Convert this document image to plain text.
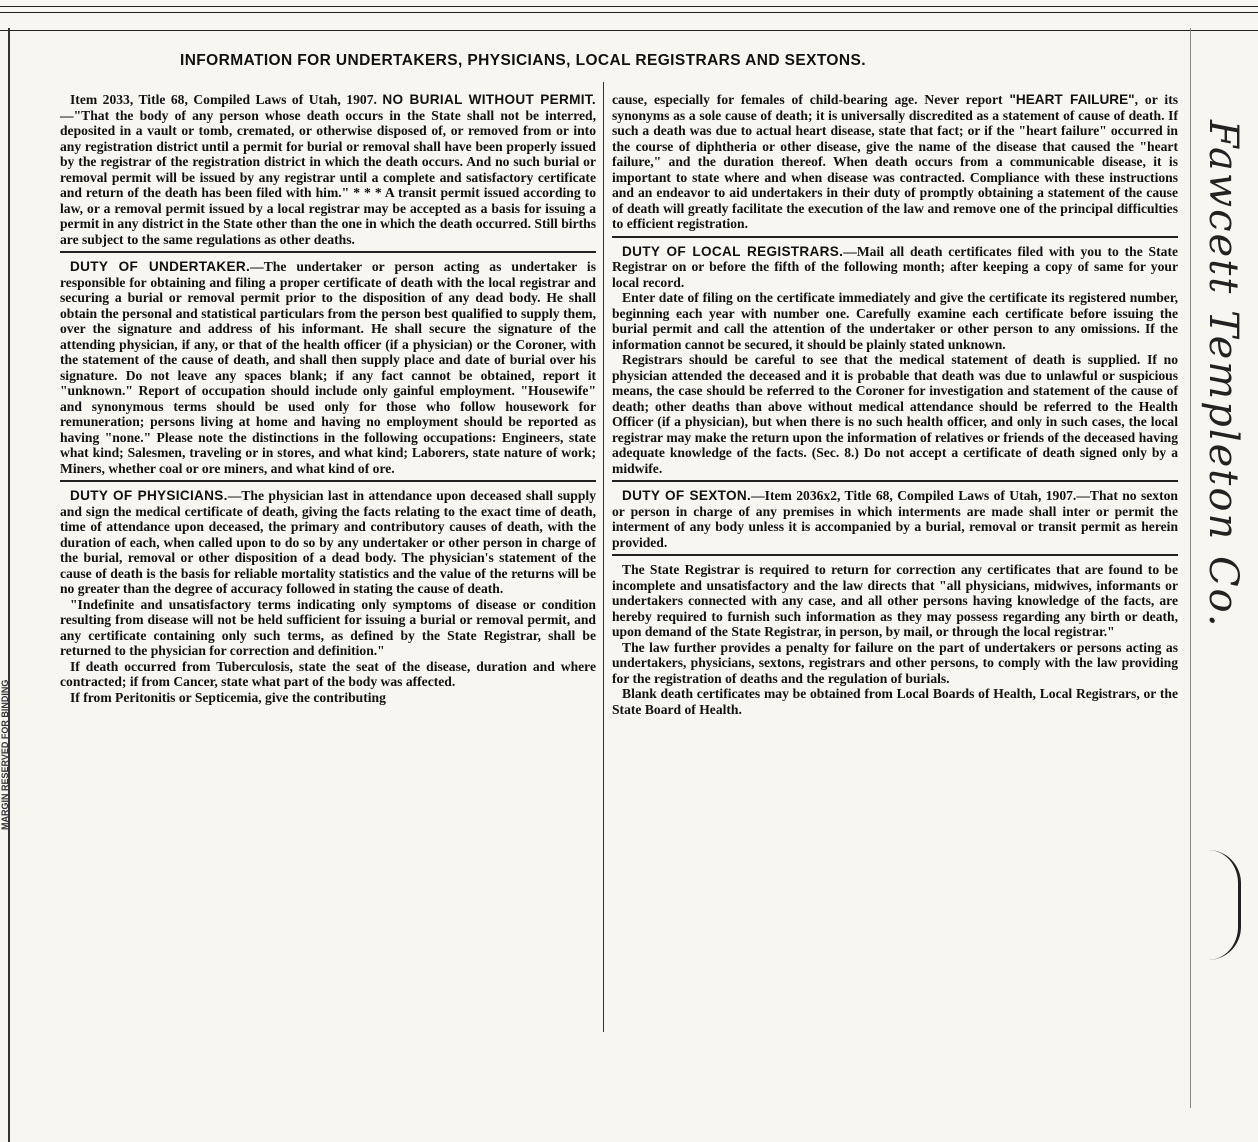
MARGIN RESERVED FOR BINDING
INFORMATION FOR UNDERTAKERS, PHYSICIANS, LOCAL REGISTRARS AND SEXTONS.

Item 2033, Title 68, Compiled Laws of Utah, 1907. NO BURIAL WITHOUT PERMIT.—"That the body of any person whose death occurs in the State shall not be interred, deposited in a vault or tomb, cremated, or otherwise disposed of, or removed from or into any registration district until a permit for burial or removal shall have been properly issued by the registrar of the registration district in which the death occurs. And no such burial or removal permit will be issued by any registrar until a complete and satisfactory certificate and return of the death has been filed with him." * * * A transit permit issued according to law, or a removal permit issued by a local registrar may be accepted as a basis for issuing a permit in any district in the State other than the one in which the death occurred. Still births are subject to the same regulations as other deaths.

DUTY OF UNDERTAKER.—The undertaker or person acting as undertaker is responsible for obtaining and filing a proper certificate of death with the local registrar and securing a burial or removal permit prior to the disposition of any dead body. He shall obtain the personal and statistical particulars from the person best qualified to supply them, over the signature and address of his informant. He shall secure the signature of the attending physician, if any, or that of the health officer (if a physician) or the Coroner, with the statement of the cause of death, and shall then supply place and date of burial over his signature. Do not leave any spaces blank; if any fact cannot be obtained, report it "unknown." Report of occupation should include only gainful employment. "Housewife" and synonymous terms should be used only for those who follow housework for remuneration; persons living at home and having no employment should be reported as having "none." Please note the distinctions in the following occupations: Engineers, state what kind; Salesmen, traveling or in stores, and what kind; Laborers, state nature of work; Miners, whether coal or ore miners, and what kind of ore.

DUTY OF PHYSICIANS.—The physician last in attendance upon deceased shall supply and sign the medical certificate of death, giving the facts relating to the exact time of death, time of attendance upon deceased, the primary and contributory causes of death, with the duration of each, when called upon to do so by any undertaker or other person in charge of the burial, removal or other disposition of a dead body. The physician's statement of the cause of death is the basis for reliable mortality statistics and the value of the returns will be no greater than the degree of accuracy followed in stating the cause of death.

"Indefinite and unsatisfactory terms indicating only symptoms of disease or condition resulting from disease will not be held sufficient for issuing a burial or removal permit, and any certificate containing only such terms, as defined by the State Registrar, shall be returned to the physician for correction and definition."

If death occurred from Tuberculosis, state the seat of the disease, duration and where contracted; if from Cancer, state what part of the body was affected.

If from Peritonitis or Septicemia, give the contributing

cause, especially for females of child-bearing age. Never report "HEART FAILURE", or its synonyms as a sole cause of death; it is universally discredited as a statement of cause of death. If such a death was due to actual heart disease, state that fact; or if the "heart failure" occurred in the course of diphtheria or other disease, give the name of the disease that caused the "heart failure," and the duration thereof. When death occurs from a communicable disease, it is important to state where and when disease was contracted. Compliance with these instructions and an endeavor to aid undertakers in their duty of promptly obtaining a statement of the cause of death will greatly facilitate the execution of the law and remove one of the principal difficulties to efficient registration.

DUTY OF LOCAL REGISTRARS.—Mail all death certificates filed with you to the State Registrar on or before the fifth of the following month; after keeping a copy of same for your local record.

Enter date of filing on the certificate immediately and give the certificate its registered number, beginning each year with number one. Carefully examine each certificate before issuing the burial permit and call the attention of the undertaker or other person to any omissions. If the information cannot be secured, it should be plainly stated unknown.

Registrars should be careful to see that the medical statement of death is supplied. If no physician attended the deceased and it is probable that death was due to unlawful or suspicious means, the case should be referred to the Coroner for investigation and statement of the cause of death; other deaths than above without medical attendance should be referred to the Health Officer (if a physician), but when there is no such health officer, and only in such cases, the local registrar may make the return upon the information of relatives or friends of the deceased having adequate knowledge of the facts. (Sec. 8.) Do not accept a certificate of death signed only by a midwife.

DUTY OF SEXTON.—Item 2036x2, Title 68, Compiled Laws of Utah, 1907.—That no sexton or person in charge of any premises in which interments are made shall inter or permit the interment of any body unless it is accompanied by a burial, removal or transit permit as herein provided.

The State Registrar is required to return for correction any certificates that are found to be incomplete and unsatisfactory and the law directs that "all physicians, midwives, informants or undertakers connected with any case, and all other persons having knowledge of the facts, are hereby required to furnish such information as they may possess regarding any birth or death, upon demand of the State Registrar, in person, by mail, or through the local registrar."

The law further provides a penalty for failure on the part of undertakers or persons acting as undertakers, physicians, sextons, registrars and other persons, to comply with the law providing for the registration of deaths and the regulation of burials.

Blank death certificates may be obtained from Local Boards of Health, Local Registrars, or the State Board of Health.

Fawcett Templeton Co.
